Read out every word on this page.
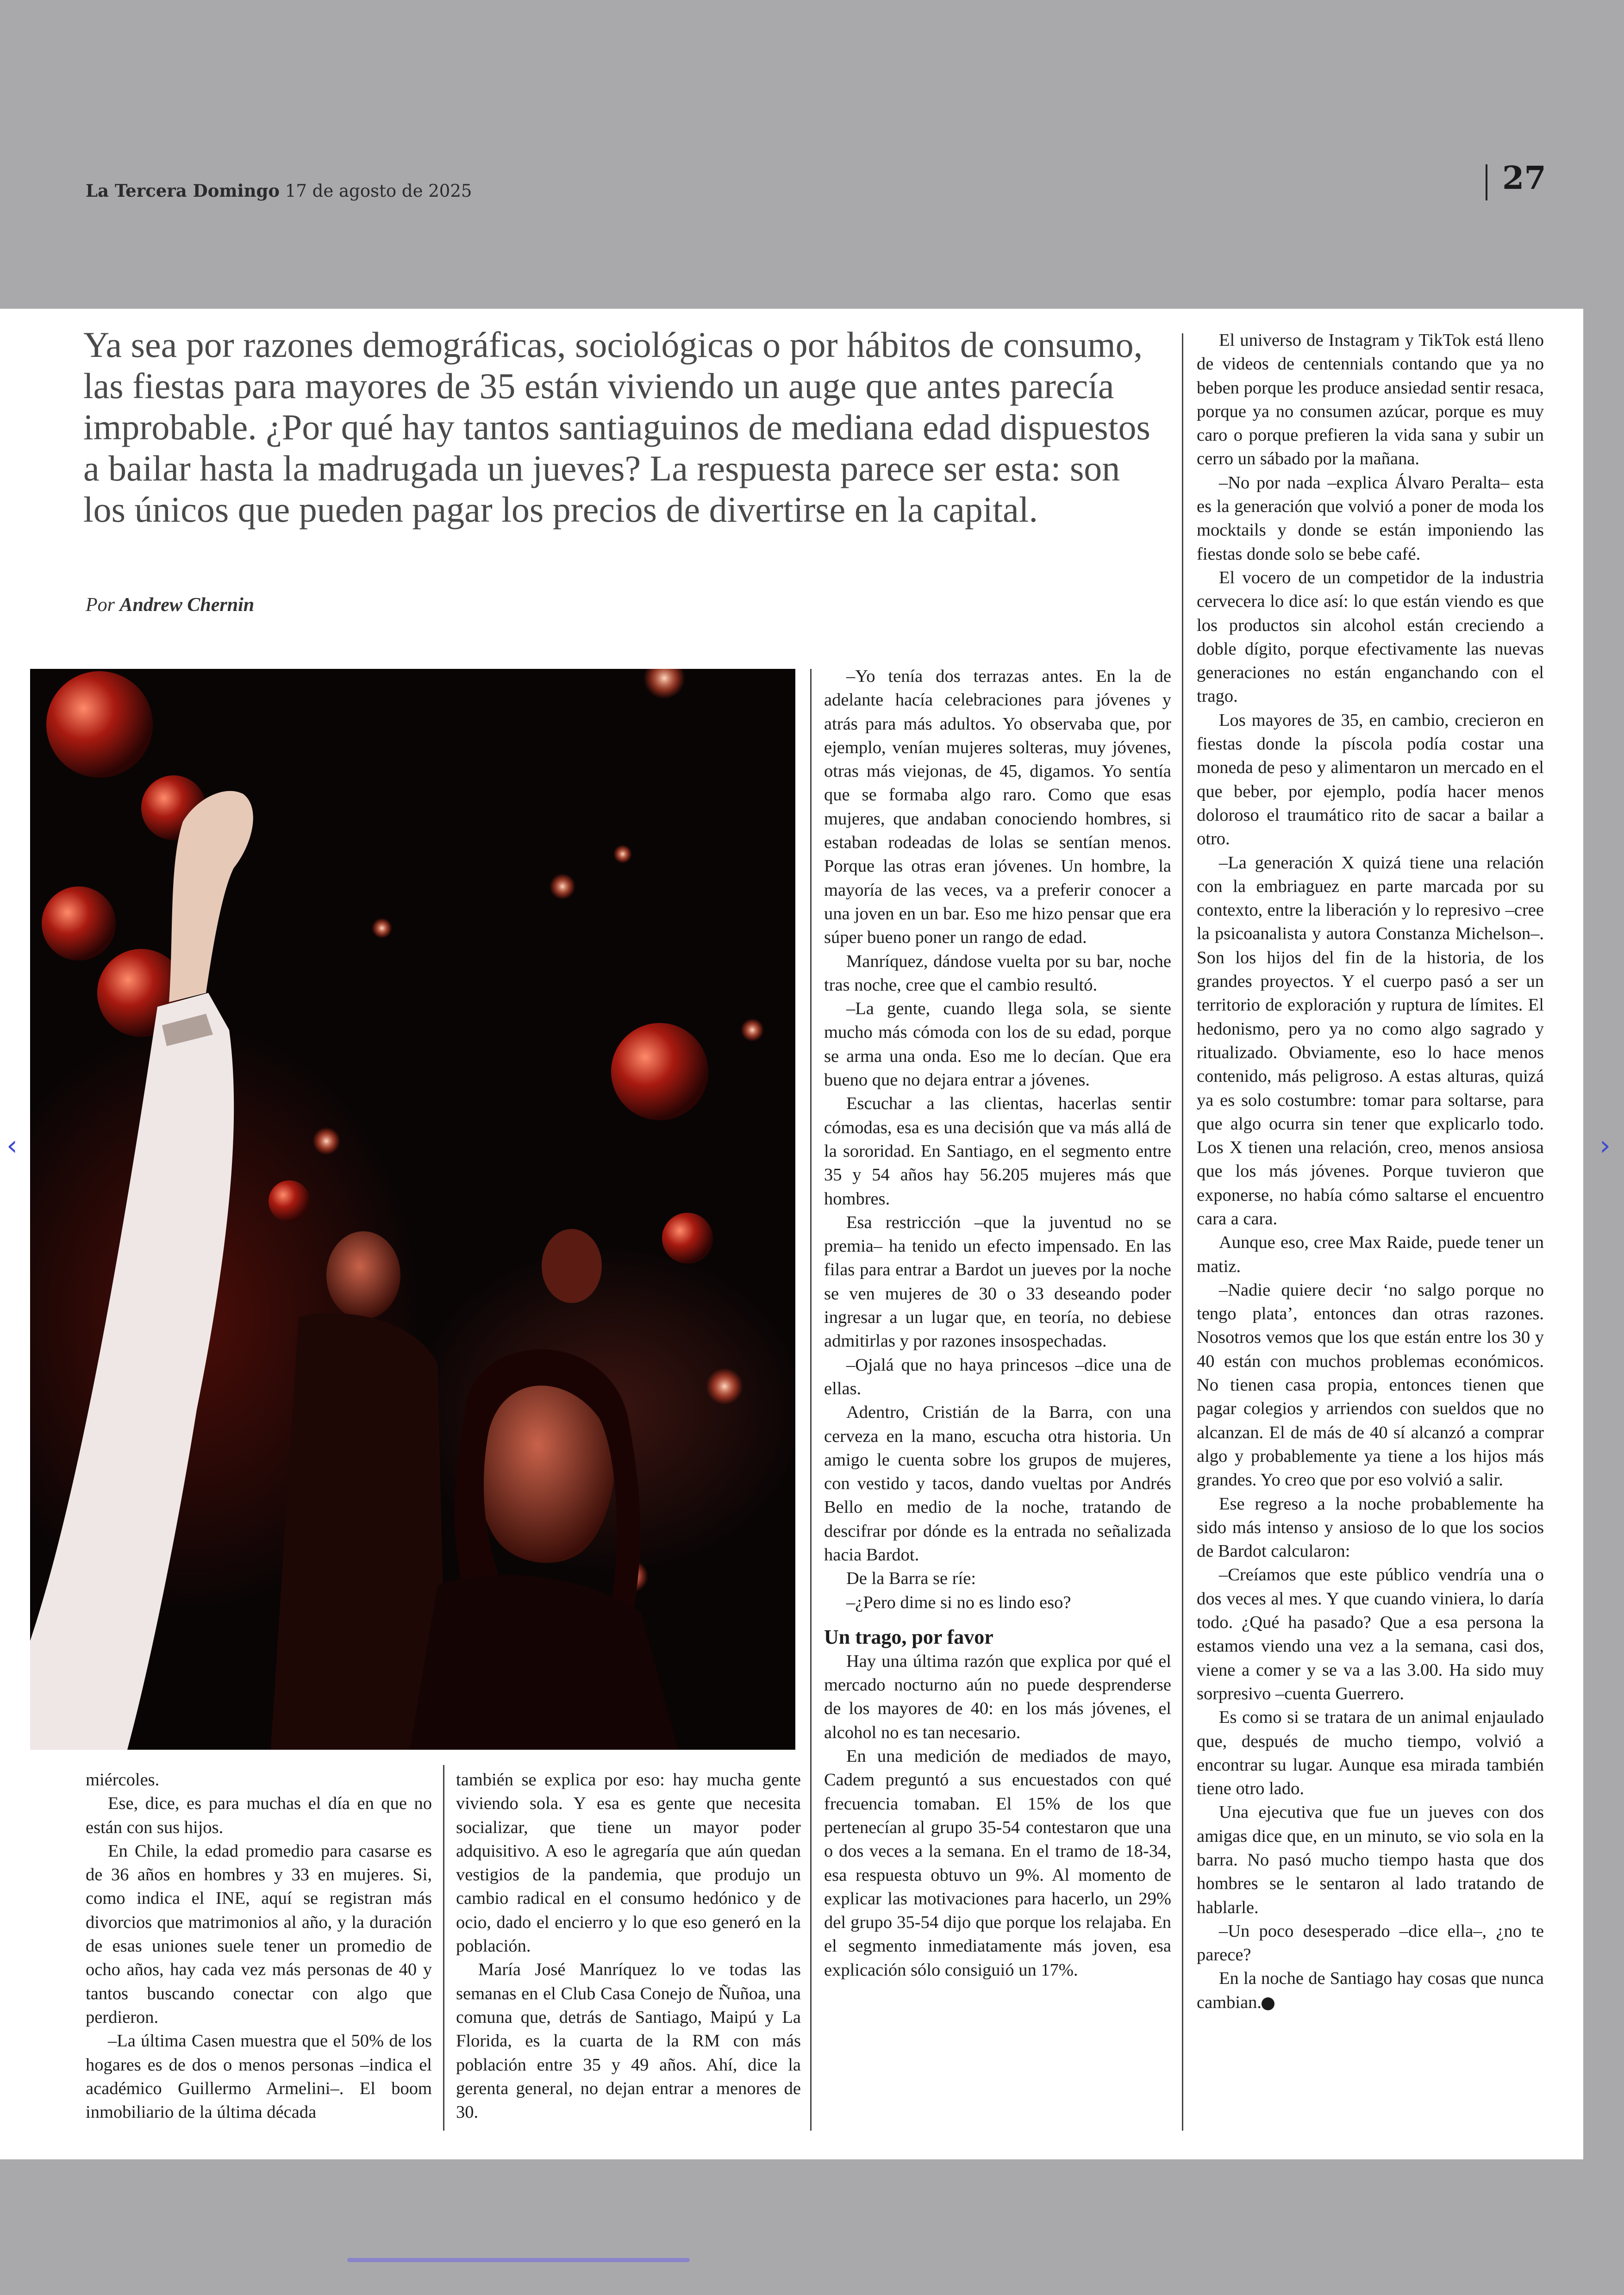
La Tercera Domingo 17 de agosto de 2025	27
Ya sea por razones demográficas, sociológicas o por hábitos de consumo, las fiestas para mayores de 35 están viviendo un auge que antes parecía improbable. ¿Por qué hay tantos santiaguinos de mediana edad dispuestos a bailar hasta la madrugada un jueves? La respuesta parece ser esta: son los únicos que pueden pagar los precios de divertirse en la capital.
Por Andrew Chernin

miércoles.

Ese, dice, es para muchas el día en que no están con sus hijos.

En Chile, la edad promedio para casarse es de 36 años en hombres y 33 en mujeres. Si, como indica el INE, aquí se registran más divorcios que matrimonios al año, y la duración de esas uniones suele tener un promedio de ocho años, hay cada vez más personas de 40 y tantos buscando conectar con algo que perdieron.

–La última Casen muestra que el 50% de los hogares es de dos o menos personas –indica el académico Guillermo Armelini–. El boom inmobiliario de la última década

también se explica por eso: hay mucha gente viviendo sola. Y esa es gente que necesita socializar, que tiene un mayor poder adquisitivo. A eso le agregaría que aún quedan vestigios de la pandemia, que produjo un cambio radical en el consumo hedónico y de ocio, dado el encierro y lo que eso generó en la población.

María José Manríquez lo ve todas las semanas en el Club Casa Conejo de Ñuñoa, una comuna que, detrás de Santiago, Maipú y La Florida, es la cuarta de la RM con más población entre 35 y 49 años. Ahí, dice la gerenta general, no dejan entrar a menores de 30.

–Yo tenía dos terrazas antes. En la de adelante hacía celebraciones para jóvenes y atrás para más adultos. Yo observaba que, por ejemplo, venían mujeres solteras, muy jóvenes, otras más viejonas, de 45, digamos. Yo sentía que se formaba algo raro. Como que esas mujeres, que andaban conociendo hombres, si estaban rodeadas de lolas se sentían menos. Porque las otras eran jóvenes. Un hombre, la mayoría de las veces, va a preferir conocer a una joven en un bar. Eso me hizo pensar que era súper bueno poner un rango de edad.

Manríquez, dándose vuelta por su bar, noche tras noche, cree que el cambio resultó.

–La gente, cuando llega sola, se siente mucho más cómoda con los de su edad, porque se arma una onda. Eso me lo decían. Que era bueno que no dejara entrar a jóvenes.

Escuchar a las clientas, hacerlas sentir cómodas, esa es una decisión que va más allá de la sororidad. En Santiago, en el segmento entre 35 y 54 años hay 56.205 mujeres más que hombres.

Esa restricción –que la juventud no se premia– ha tenido un efecto impensado. En las filas para entrar a Bardot un jueves por la noche se ven mujeres de 30 o 33 deseando poder ingresar a un lugar que, en teoría, no debiese admitirlas y por razones insospechadas.

–Ojalá que no haya princesos –dice una de ellas.

Adentro, Cristián de la Barra, con una cerveza en la mano, escucha otra historia. Un amigo le cuenta sobre los grupos de mujeres, con vestido y tacos, dando vueltas por Andrés Bello en medio de la noche, tratando de descifrar por dónde es la entrada no señalizada hacia Bardot.

De la Barra se ríe:

–¿Pero dime si no es lindo eso?

Un trago, por favor

Hay una última razón que explica por qué el mercado nocturno aún no puede desprenderse de los mayores de 40: en los más jóvenes, el alcohol no es tan necesario.

En una medición de mediados de mayo, Cadem preguntó a sus encuestados con qué frecuencia tomaban. El 15% de los que pertenecían al grupo 35-54 contestaron que una o dos veces a la semana. En el tramo de 18-34, esa respuesta obtuvo un 9%. Al momento de explicar las motivaciones para hacerlo, un 29% del grupo 35-54 dijo que porque los relajaba. En el segmento inmediatamente más joven, esa explicación sólo consiguió un 17%.

El universo de Instagram y TikTok está lleno de videos de centennials contando que ya no beben porque les produce ansiedad sentir resaca, porque ya no consumen azúcar, porque es muy caro o porque prefieren la vida sana y subir un cerro un sábado por la mañana.

–No por nada –explica Álvaro Peralta– esta es la generación que volvió a poner de moda los mocktails y donde se están imponiendo las fiestas donde solo se bebe café.

El vocero de un competidor de la industria cervecera lo dice así: lo que están viendo es que los productos sin alcohol están creciendo a doble dígito, porque efectivamente las nuevas generaciones no están enganchando con el trago.

Los mayores de 35, en cambio, crecieron en fiestas donde la píscola podía costar una moneda de peso y alimentaron un mercado en el que beber, por ejemplo, podía hacer menos doloroso el traumático rito de sacar a bailar a otro.

–La generación X quizá tiene una relación con la embriaguez en parte marcada por su contexto, entre la liberación y lo represivo –cree la psicoanalista y autora Constanza Michelson–. Son los hijos del fin de la historia, de los grandes proyectos. Y el cuerpo pasó a ser un territorio de exploración y ruptura de límites. El hedonismo, pero ya no como algo sagrado y ritualizado. Obviamente, eso lo hace menos contenido, más peligroso. A estas alturas, quizá ya es solo costumbre: tomar para soltarse, para que algo ocurra sin tener que explicarlo todo. Los X tienen una relación, creo, menos ansiosa que los más jóvenes. Porque tuvieron que exponerse, no había cómo saltarse el encuentro cara a cara.

Aunque eso, cree Max Raide, puede tener un matiz.

–Nadie quiere decir ‘no salgo porque no tengo plata’, entonces dan otras razones. Nosotros vemos que los que están entre los 30 y 40 están con muchos problemas económicos. No tienen casa propia, entonces tienen que pagar colegios y arriendos con sueldos que no alcanzan. El de más de 40 sí alcanzó a comprar algo y probablemente ya tiene a los hijos más grandes. Yo creo que por eso volvió a salir.

Ese regreso a la noche probablemente ha sido más intenso y ansioso de lo que los socios de Bardot calcularon:

–Creíamos que este público vendría una o dos veces al mes. Y que cuando viniera, lo daría todo. ¿Qué ha pasado? Que a esa persona la estamos viendo una vez a la semana, casi dos, viene a comer y se va a las 3.00. Ha sido muy sorpresivo –cuenta Guerrero.

Es como si se tratara de un animal enjaulado que, después de mucho tiempo, volvió a encontrar su lugar. Aunque esa mirada también tiene otro lado.

Una ejecutiva que fue un jueves con dos amigas dice que, en un minuto, se vio sola en la barra. No pasó mucho tiempo hasta que dos hombres se le sentaron al lado tratando de hablarle.

–Un poco desesperado –dice ella–, ¿no te parece?

En la noche de Santiago hay cosas que nunca cambian.

‹	›
